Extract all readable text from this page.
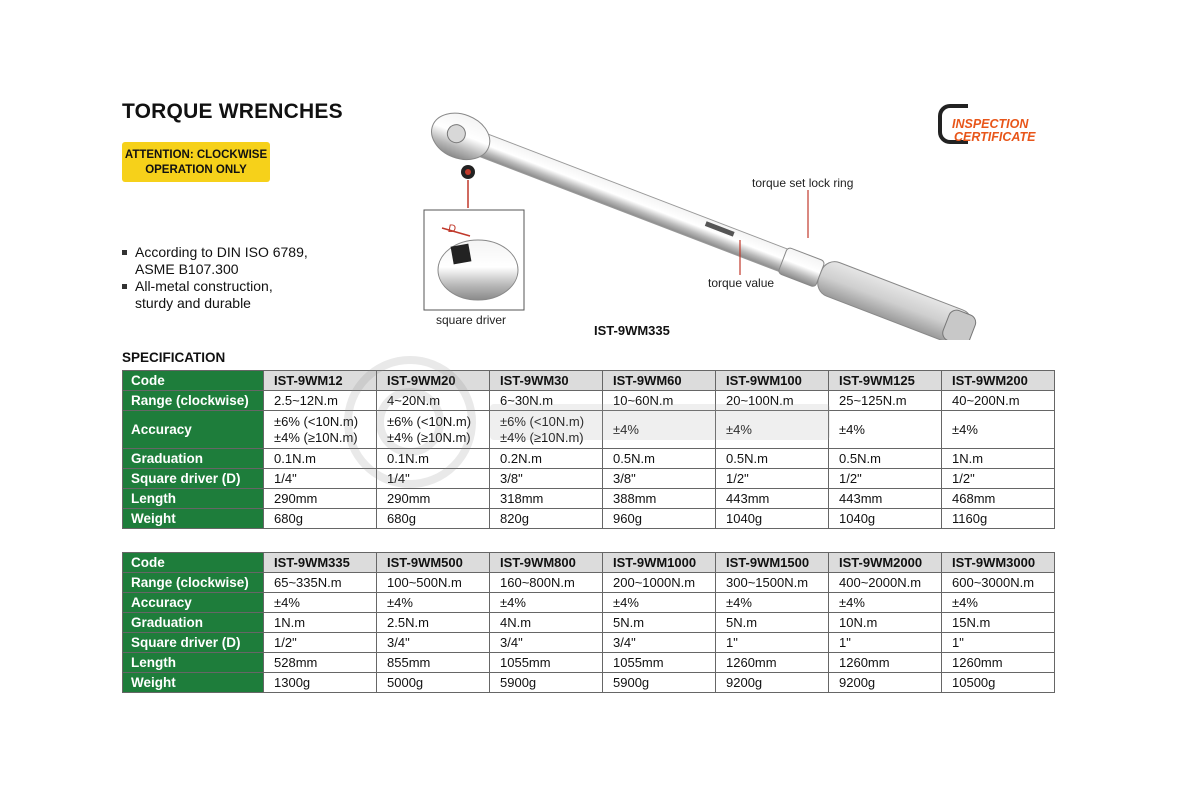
TORQUE WRENCHES
ATTENTION: CLOCKWISE
OPERATION ONLY
According to DIN ISO 6789,
ASME B107.300
All-metal construction,
sturdy and durable
INSPECTION
CERTIFICATE
D
torque set lock ring
torque value
square driver
IST-9WM335
SPECIFICATION
Code	IST-9WM12	IST-9WM20	IST-9WM30	IST-9WM60	IST-9WM100	IST-9WM125	IST-9WM200
Range (clockwise)	2.5~12N.m	4~20N.m	6~30N.m	10~60N.m	20~100N.m	25~125N.m	40~200N.m
Accuracy	±6% (<10N.m)
±4% (≥10N.m)	±6% (<10N.m)
±4% (≥10N.m)	±6% (<10N.m)
±4% (≥10N.m)	±4%	±4%	±4%	±4%
Graduation	0.1N.m	0.1N.m	0.2N.m	0.5N.m	0.5N.m	0.5N.m	1N.m
Square driver (D)	1/4"	1/4"	3/8"	3/8"	1/2"	1/2"	1/2"
Length	290mm	290mm	318mm	388mm	443mm	443mm	468mm
Weight	680g	680g	820g	960g	1040g	1040g	1160g
Code	IST-9WM335	IST-9WM500	IST-9WM800	IST-9WM1000	IST-9WM1500	IST-9WM2000	IST-9WM3000
Range (clockwise)	65~335N.m	100~500N.m	160~800N.m	200~1000N.m	300~1500N.m	400~2000N.m	600~3000N.m
Accuracy	±4%	±4%	±4%	±4%	±4%	±4%	±4%
Graduation	1N.m	2.5N.m	4N.m	5N.m	5N.m	10N.m	15N.m
Square driver (D)	1/2"	3/4"	3/4"	3/4"	1"	1"	1"
Length	528mm	855mm	1055mm	1055mm	1260mm	1260mm	1260mm
Weight	1300g	5000g	5900g	5900g	9200g	9200g	10500g
